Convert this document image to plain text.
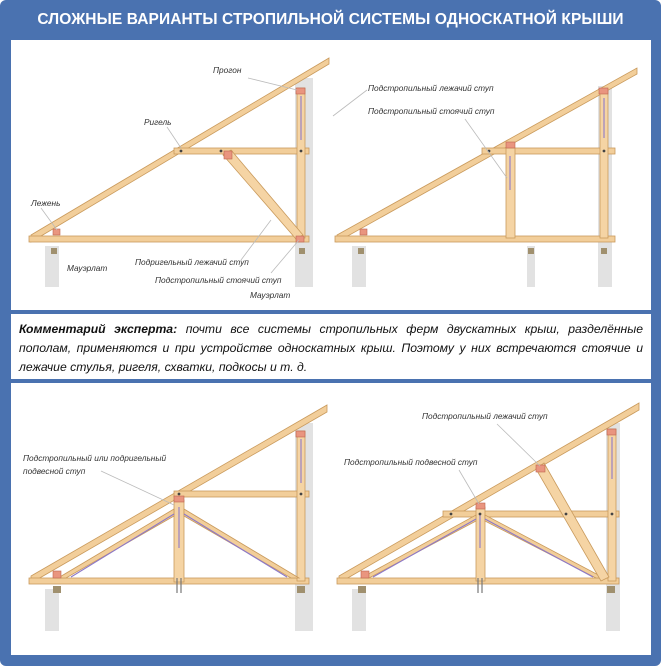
СЛОЖНЫЕ ВАРИАНТЫ СТРОПИЛЬНОЙ СИСТЕМЫ ОДНОСКАТНОЙ КРЫШИ
Прогон
Ригель
Лежень
Мауэрлат
Подригельный лежачий ступ
Подстропильный стоячий ступ
Мауэрлат
Подстропильный лежачий ступ
Подстропильный стоячий ступ

Комментарий эксперта: почти все системы стропильных ферм двускатных крыш, разделённые пополам, применяются и при устройстве односкатных крыш. Поэтому у них встречаются стоячие и лежачие стулья, ригеля, схватки, подкосы и т. д.

Подстропильный или подригельный
подвесной ступ
Подстропильный лежачий ступ
Подстропильный подвесной ступ
